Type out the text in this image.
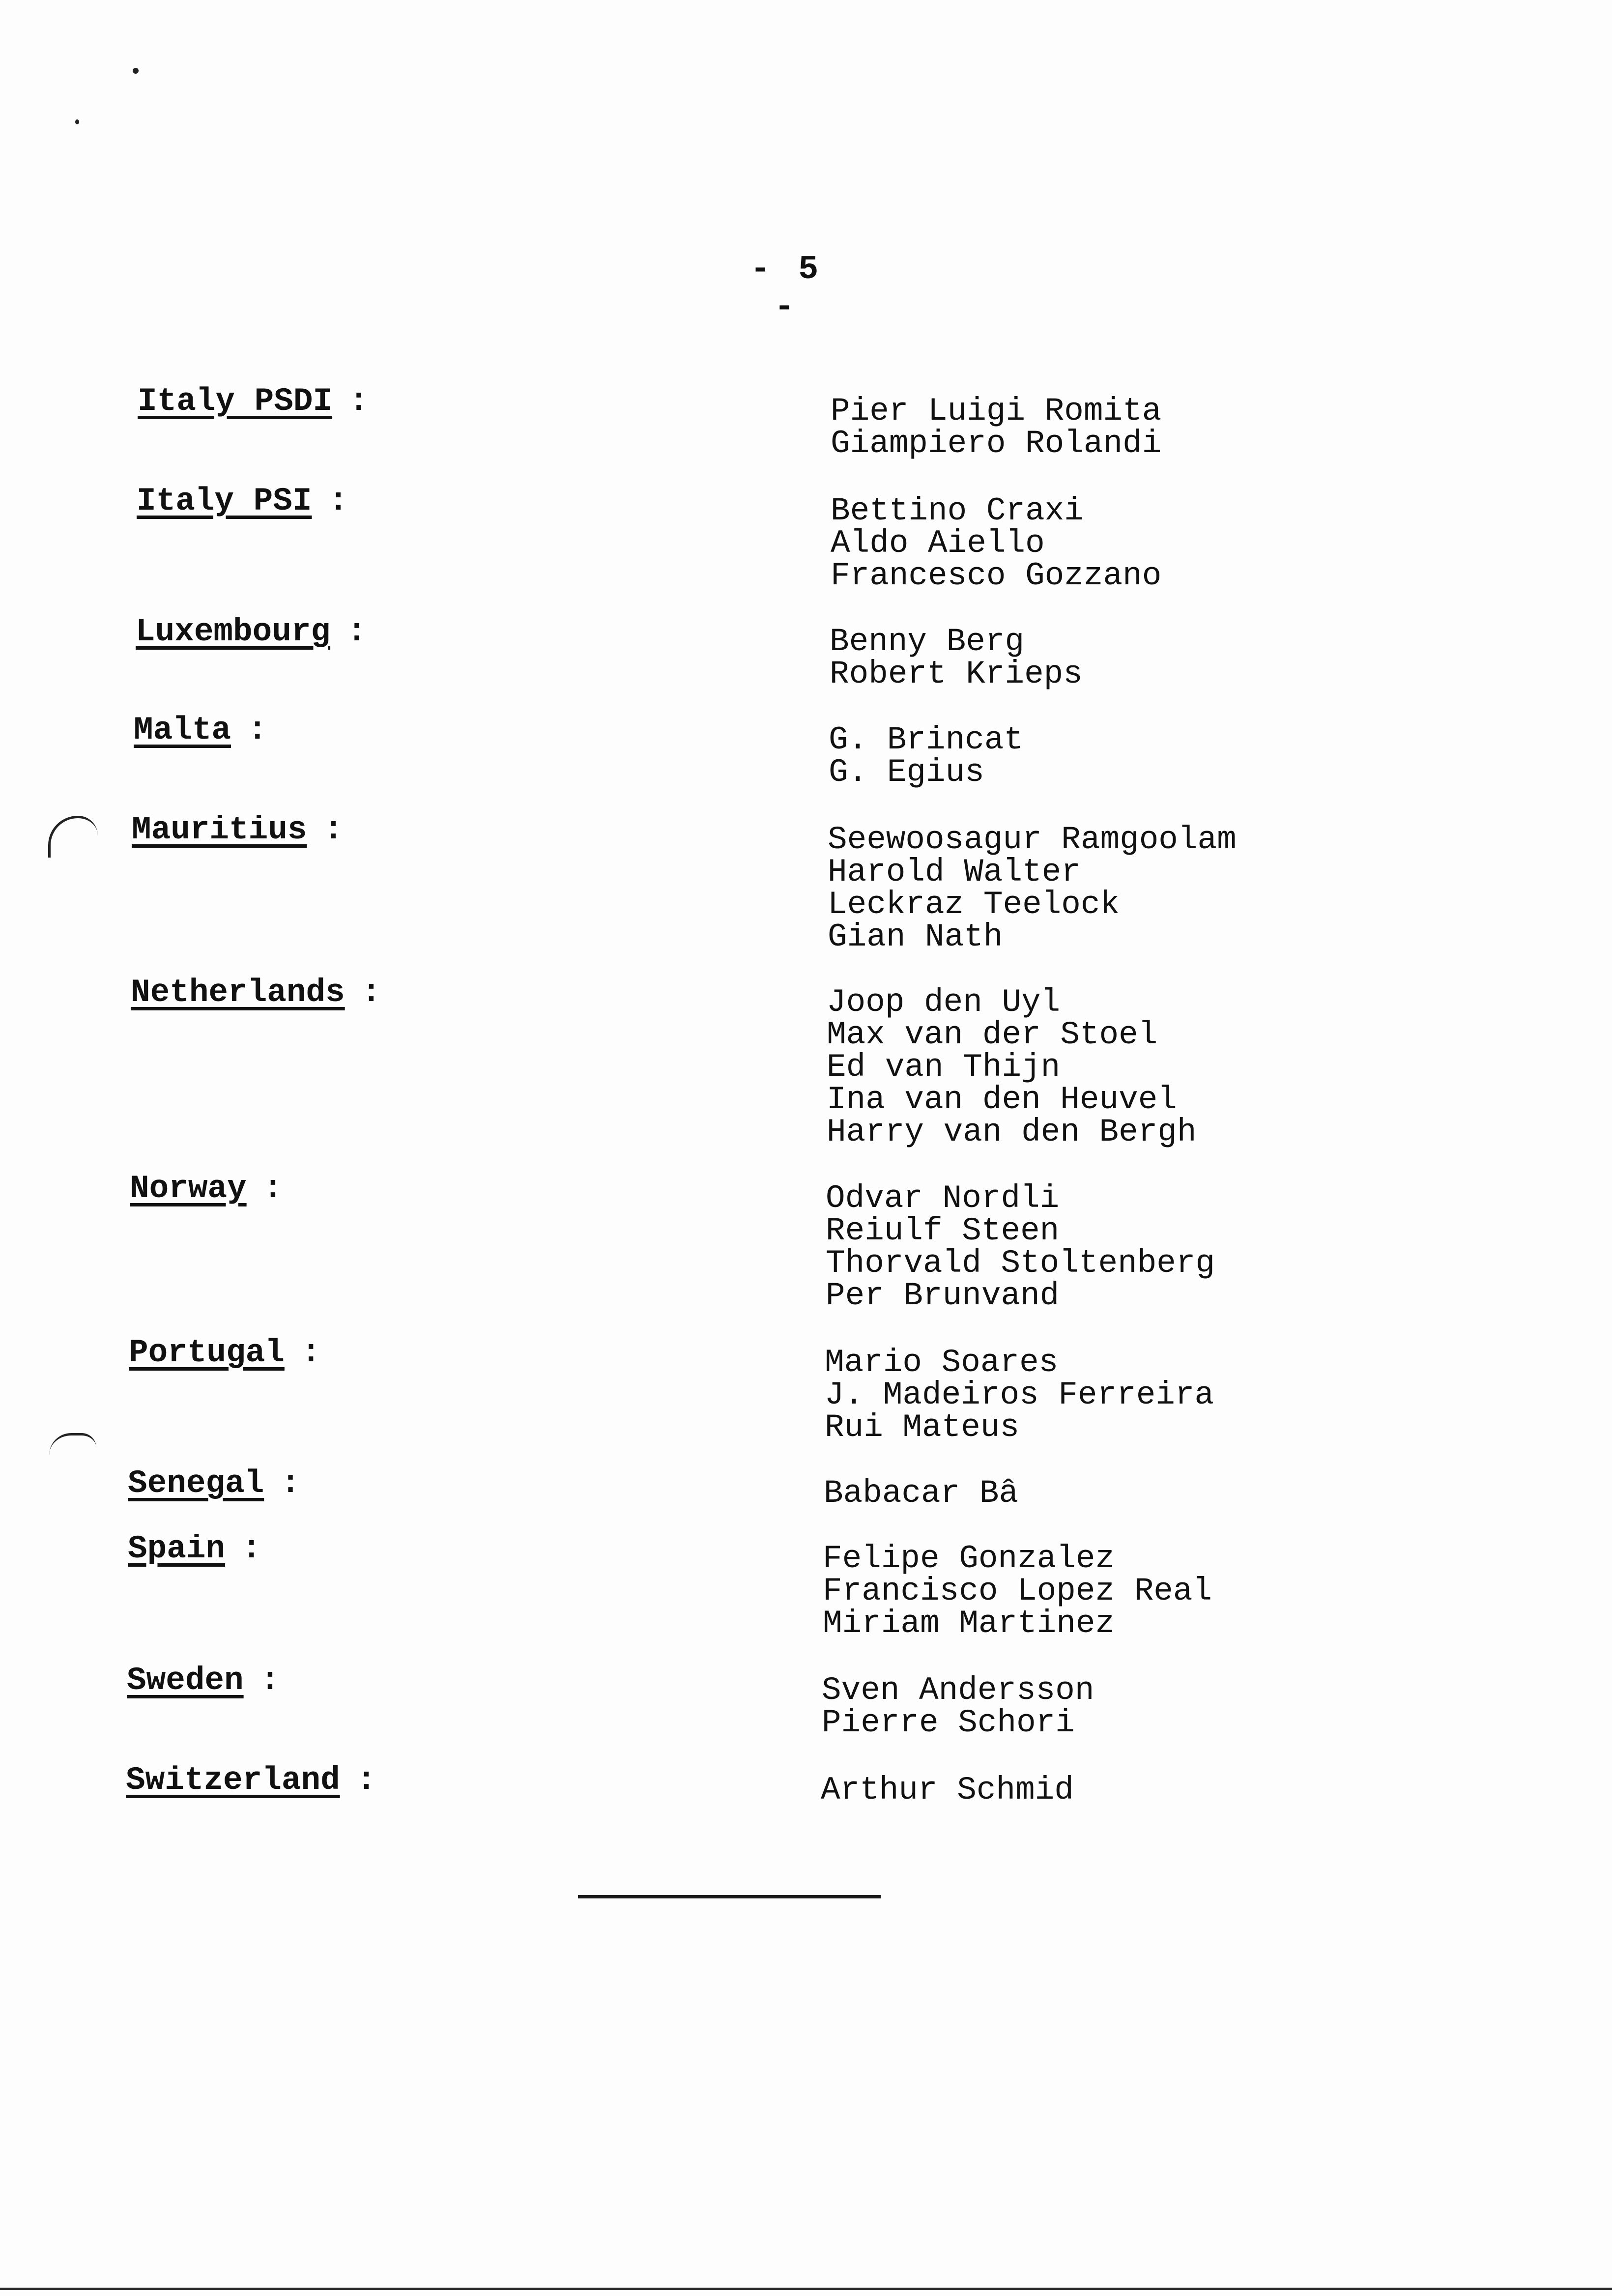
- 5 -
Italy PSDI :	Pier Luigi Romita
Giampiero Rolandi
Italy PSI :	Bettino Craxi
Aldo Aiello
Francesco Gozzano
Luxembourg :	Benny Berg
Robert Krieps
Malta :	G. Brincat
G. Egius
Mauritius :	Seewoosagur Ramgoolam
Harold Walter
Leckraz Teelock
Gian Nath
Netherlands :	Joop den Uyl
Max van der Stoel
Ed van Thijn
Ina van den Heuvel
Harry van den Bergh
Norway :	Odvar Nordli
Reiulf Steen
Thorvald Stoltenberg
Per Brunvand
Portugal :	Mario Soares
J. Madeiros Ferreira
Rui Mateus
Senegal :	Babacar Bâ
Spain :	Felipe Gonzalez
Francisco Lopez Real
Miriam Martinez
Sweden :	Sven Andersson
Pierre Schori
Switzerland :	Arthur Schmid
